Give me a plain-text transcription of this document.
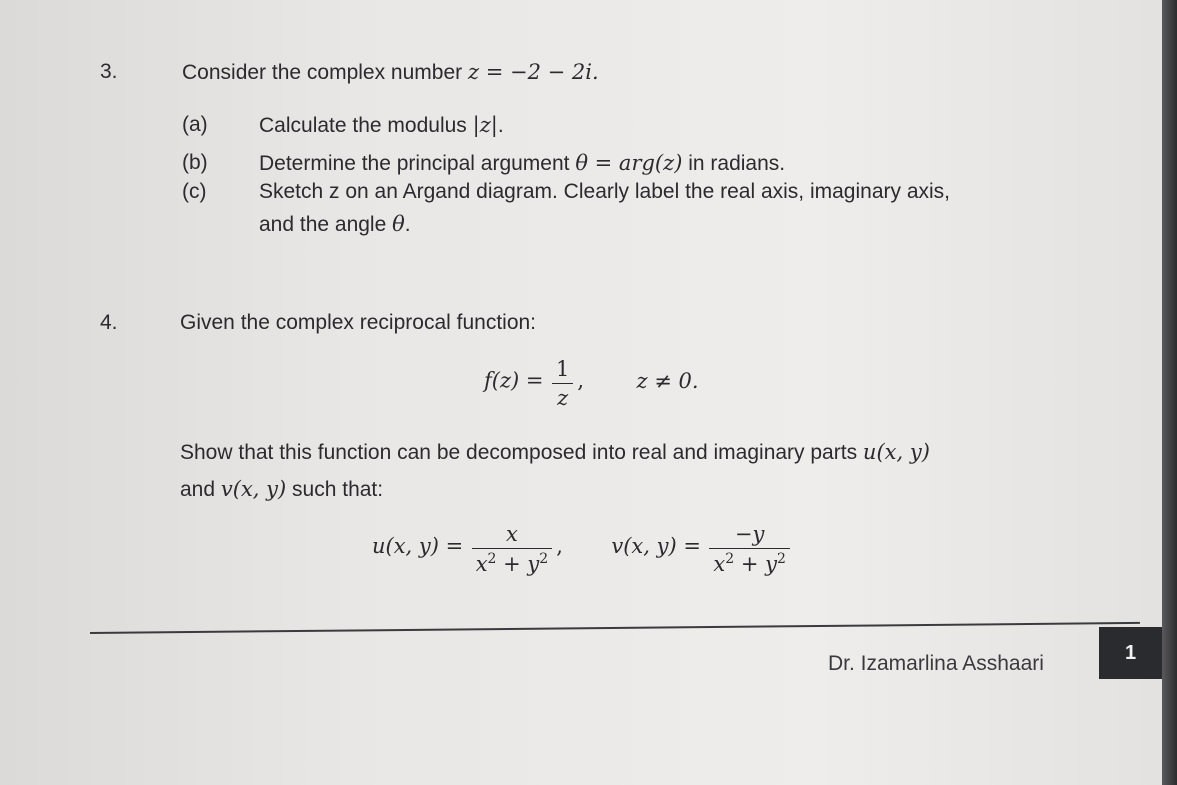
3.	Consider the complex number z = −2 − 2i.
(a) Calculate the modulus |z|.
(b) Determine the principal argument θ = arg(z) in radians.
(c)	Sketch z on an Argand diagram. Clearly label the real axis, imaginary axis,
and the angle θ.
4.	Given the complex reciprocal function:
$f(z) = \frac{1}{z}$ , z ≠ 0.
Show that this function can be decomposed into real and imaginary parts u(x, y)
and v(x, y) such that:
u(x, $y) = \frac{x}{x^2 + y^2}$ , v(x, $y) = \frac{-y}{x^2 + y^2}$
Dr. Izamarlina Asshaari	1
